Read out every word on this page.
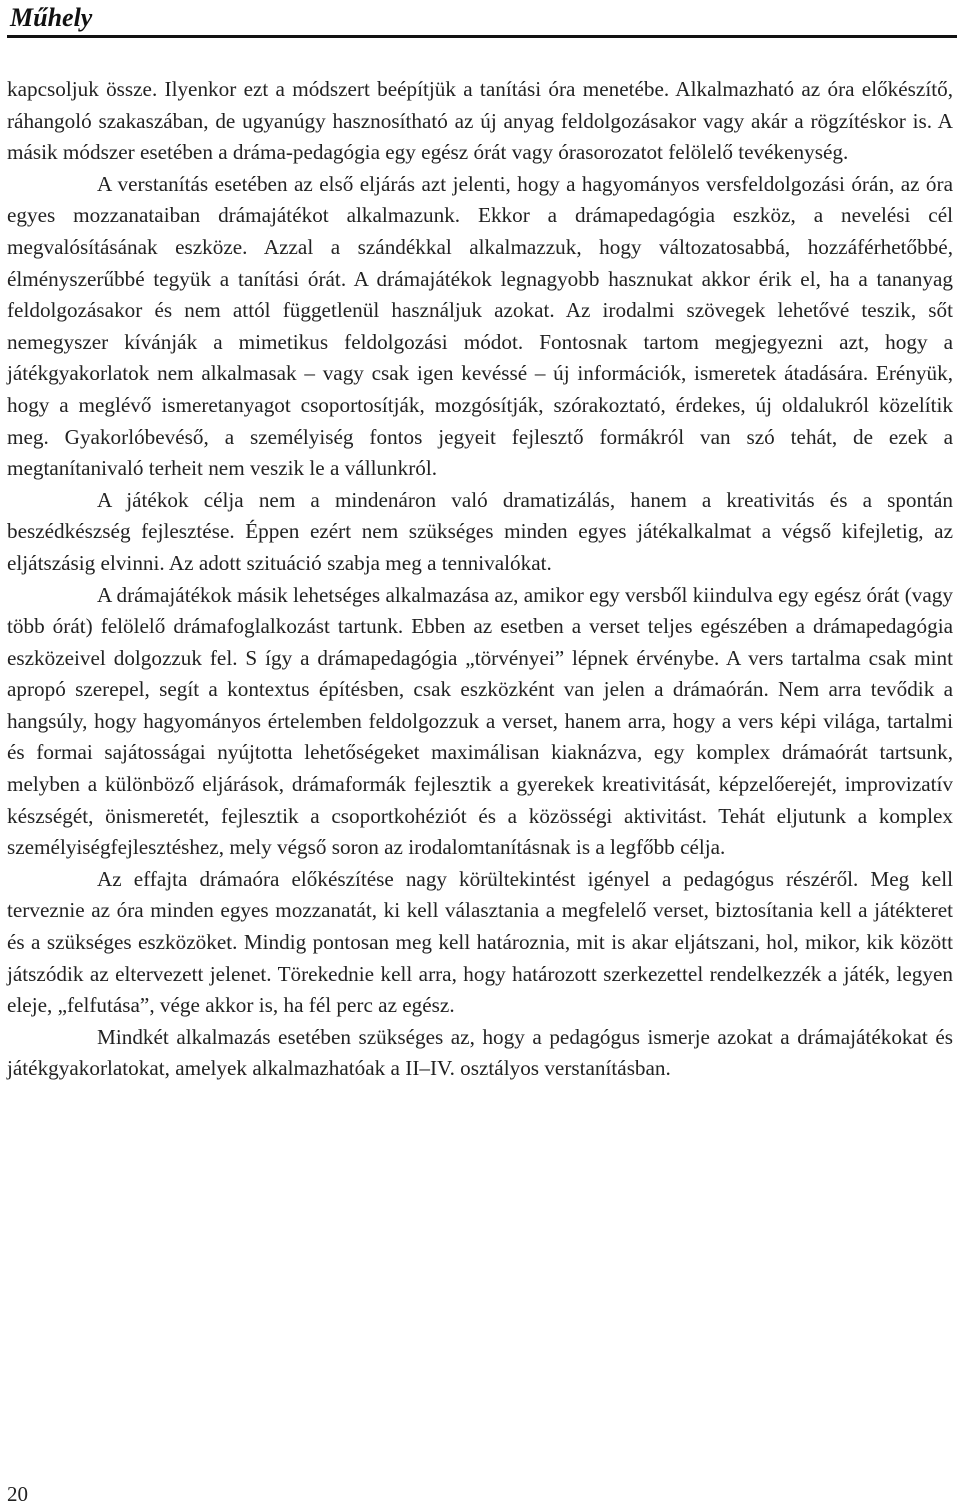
Műhely

kapcsoljuk össze. Ilyenkor ezt a módszert beépítjük a tanítási óra menetébe. Alkalmazható az óra előkészítő, ráhangoló szakaszában, de ugyanúgy hasznosítható az új anyag feldolgozásakor vagy akár a rögzítéskor is. A másik módszer esetében a dráma-pedagógia egy egész órát vagy órasorozatot felölelő tevékenység.

A verstanítás esetében az első eljárás azt jelenti, hogy a hagyományos versfeldolgozási órán, az óra egyes mozzanataiban drámajátékot alkalmazunk. Ekkor a drámapedagógia eszköz, a nevelési cél megvalósításának eszköze. Azzal a szándékkal alkalmazzuk, hogy változatosabbá, hozzáférhetőbbé, élményszerűbbé tegyük a tanítási órát. A drámajátékok legnagyobb hasznukat akkor érik el, ha a tananyag feldolgozásakor és nem attól függetlenül használjuk azokat. Az irodalmi szövegek lehetővé teszik, sőt nemegyszer kívánják a mimetikus feldolgozási módot. Fontosnak tartom megjegyezni azt, hogy a játékgyakorlatok nem alkalmasak – vagy csak igen kevéssé – új információk, ismeretek átadására. Erényük, hogy a meglévő ismeretanyagot csoportosítják, mozgósítják, szórakoztató, érdekes, új oldalukról közelítik meg. Gyakorlóbevéső, a személyiség fontos jegyeit fejlesztő formákról van szó tehát, de ezek a megtanítanivaló terheit nem veszik le a vállunkról.

A játékok célja nem a mindenáron való dramatizálás, hanem a kreativitás és a spontán beszédkészség fejlesztése. Éppen ezért nem szükséges minden egyes játékalkalmat a végső kifejletig, az eljátszásig elvinni. Az adott szituáció szabja meg a tennivalókat.

A drámajátékok másik lehetséges alkalmazása az, amikor egy versből kiindulva egy egész órát (vagy több órát) felölelő drámafoglalkozást tartunk. Ebben az esetben a verset teljes egészében a drámapedagógia eszközeivel dolgozzuk fel. S így a drámapedagógia „törvényei” lépnek érvénybe. A vers tartalma csak mint apropó szerepel, segít a kontextus építésben, csak eszközként van jelen a drámaórán. Nem arra tevődik a hangsúly, hogy hagyományos értelemben feldolgozzuk a verset, hanem arra, hogy a vers képi világa, tartalmi és formai sajátosságai nyújtotta lehetőségeket maximálisan kiaknázva, egy komplex drámaórát tartsunk, melyben a különböző eljárások, drámaformák fejlesztik a gyerekek kreativitását, képzelőerejét, improvizatív készségét, önismeretét, fejlesztik a csoportkohéziót és a közösségi aktivitást. Tehát eljutunk a komplex személyiségfejlesztéshez, mely végső soron az irodalomtanításnak is a legfőbb célja.

Az effajta drámaóra előkészítése nagy körültekintést igényel a pedagógus részéről. Meg kell terveznie az óra minden egyes mozzanatát, ki kell választania a megfelelő verset, biztosítania kell a játékteret és a szükséges eszközöket. Mindig pontosan meg kell határoznia, mit is akar eljátszani, hol, mikor, kik között játszódik az eltervezett jelenet. Törekednie kell arra, hogy határozott szerkezettel rendelkezzék a játék, legyen eleje, „felfutása”, vége akkor is, ha fél perc az egész.

Mindkét alkalmazás esetében szükséges az, hogy a pedagógus ismerje azokat a drámajátékokat és játékgyakorlatokat, amelyek alkalmazhatóak a II–IV. osztályos verstanításban.

20
